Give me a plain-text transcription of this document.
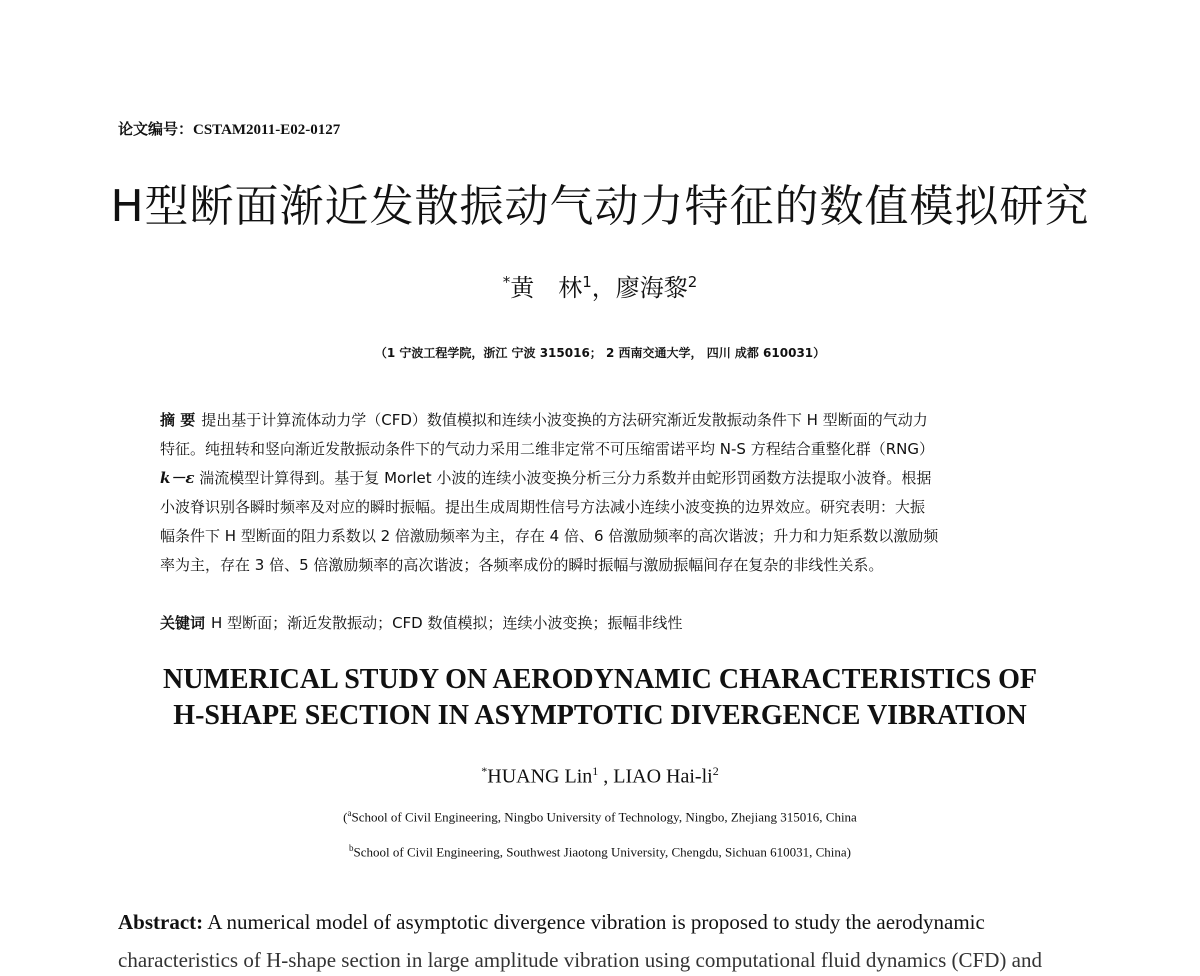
论文编号：CSTAM2011-E02-0127
H型断面渐近发散振动气动力特征的数值模拟研究
*黄　林$^1$，廖海黎$^2$
（1 宁波工程学院，浙江 宁波 315016； 2 西南交通大学， 四川 成都 610031）
摘 要 提出基于计算流体动力学（CFD）数值模拟和连续小波变换的方法研究渐近发散振动条件下 H 型断面的气动力
特征。纯扭转和竖向渐近发散振动条件下的气动力采用二维非定常不可压缩雷诺平均 N-S 方程结合重整化群（RNG）
k－ε 湍流模型计算得到。基于复 Morlet 小波的连续小波变换分析三分力系数并由蛇形罚函数方法提取小波脊。根据
小波脊识别各瞬时频率及对应的瞬时振幅。提出生成周期性信号方法减小连续小波变换的边界效应。研究表明：大振
幅条件下 H 型断面的阻力系数以 2 倍激励频率为主，存在 4 倍、6 倍激励频率的高次谐波；升力和力矩系数以激励频
率为主，存在 3 倍、5 倍激励频率的高次谐波；各频率成份的瞬时振幅与激励振幅间存在复杂的非线性关系。
关键词 H 型断面；渐近发散振动；CFD 数值模拟；连续小波变换；振幅非线性
NUMERICAL STUDY ON AERODYNAMIC CHARACTERISTICS OF
H-SHAPE SECTION IN ASYMPTOTIC DIVERGENCE VIBRATION
*HUANG Lin$^1$ , LIAO Hai-$li^2$
($^a$School of Civil Engineering, Ningbo University of Technology, Ningbo, Zhejiang 315016, China
$^b$School of Civil Engineering, Southwest Jiaotong University, Chengdu, Sichuan 610031, China)
Abstract: A numerical model of asymptotic divergence vibration is proposed to study the aerodynamic
characteristics of H-shape section in large amplitude vibration using computational fluid dynamics (CFD) and
